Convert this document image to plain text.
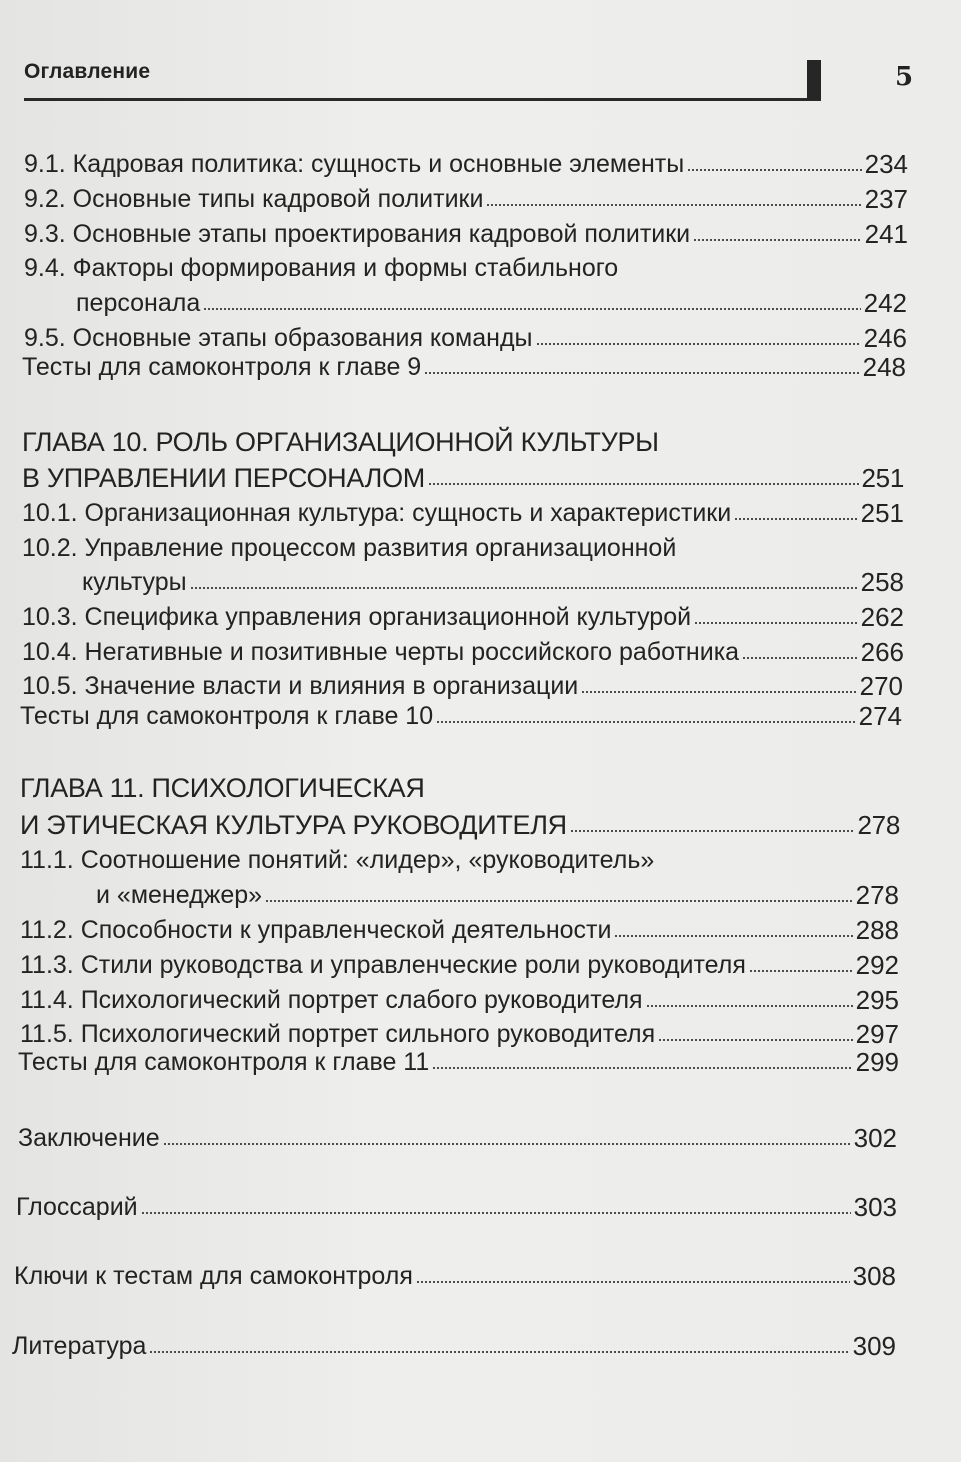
Оглавление	5
9.1. Кадровая политика: сущность и основные элементы	234
9.2. Основные типы кадровой политики	237
9.3. Основные этапы проектирования кадровой политики	241
9.4. Факторы формирования и формы стабильного
персонала	242
9.5. Основные этапы образования команды	246
Тесты для самоконтроля к главе 9	248
ГЛАВА 10. РОЛЬ ОРГАНИЗАЦИОННОЙ КУЛЬТУРЫ
В УПРАВЛЕНИИ ПЕРСОНАЛОМ	251
10.1. Организационная культура: сущность и характеристики	251
10.2. Управление процессом развития организационной
культуры	258
10.3. Специфика управления организационной культурой	262
10.4. Негативные и позитивные черты российского работника	266
10.5. Значение власти и влияния в организации	270
Тесты для самоконтроля к главе 10	274
ГЛАВА 11. ПСИХОЛОГИЧЕСКАЯ
И ЭТИЧЕСКАЯ КУЛЬТУРА РУКОВОДИТЕЛЯ	278
11.1. Соотношение понятий: «лидер», «руководитель»
и «менеджер»	278
11.2. Способности к управленческой деятельности	288
11.3. Стили руководства и управленческие роли руководителя	292
11.4. Психологический портрет слабого руководителя	295
11.5. Психологический портрет сильного руководителя	297
Тесты для самоконтроля к главе 11	299
Заключение	302
Глоссарий	303
Ключи к тестам для самоконтроля	308
Литература	309
